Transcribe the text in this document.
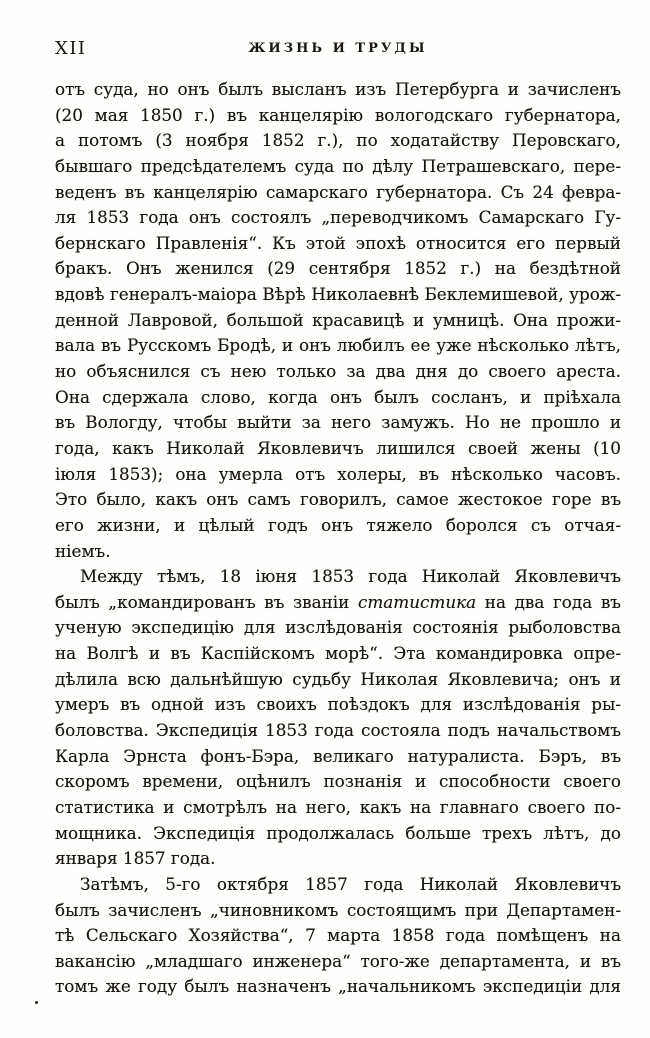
XII	ЖИЗНЬ И ТРУДЫ
отъ суда, но онъ былъ высланъ изъ Петербурга и зачисленъ
(20 мая 1850 г.) въ канцелярію вологодскаго губернатора,
а потомъ (3 ноября 1852 г.), по ходатайству Перовскаго,
бывшаго предсѣдателемъ суда по дѣлу Петрашевскаго, пере-
веденъ въ канцелярію самарскаго губернатора. Съ 24 февра-
ля 1853 года онъ состоялъ „переводчикомъ Самарскаго Гу-
бернскаго Правленія“. Къ этой эпохѣ относится его первый
бракъ. Онъ женился (29 сентября 1852 г.) на бездѣтной
вдовѣ генералъ-маіора Вѣрѣ Николаевнѣ Беклемишевой, урож-
денной Лавровой, большой красавицѣ и умницѣ. Она прожи-
вала въ Русскомъ Бродѣ, и онъ любилъ ее уже нѣсколько лѣтъ,
но объяснился съ нею только за два дня до своего ареста.
Она сдержала слово, когда онъ былъ сосланъ, и пріѣхала
въ Вологду, чтобы выйти за него замужъ. Но не прошло и
года, какъ Николай Яковлевичъ лишился своей жены (10
іюля 1853); она умерла отъ холеры, въ нѣсколько часовъ.
Это было, какъ онъ самъ говорилъ, самое жестокое горе въ
его жизни, и цѣлый годъ онъ тяжело боролся съ отчая-
ніемъ.
Между тѣмъ, 18 іюня 1853 года Николай Яковлевичъ
былъ „командированъ въ званіи статистика на два года въ
ученую экспедицію для изслѣдованія состоянія рыболовства
на Волгѣ и въ Каспійскомъ морѣ“. Эта командировка опре-
дѣлила всю дальнѣйшую судьбу Николая Яковлевича; онъ и
умеръ въ одной изъ своихъ поѣздокъ для изслѣдованія ры-
боловства. Экспедиція 1853 года состояла подъ начальствомъ
Карла Эрнста фонъ-Бэра, великаго натуралиста. Бэръ, въ
скоромъ времени, оцѣнилъ познанія и способности своего
статистика и смотрѣлъ на него, какъ на главнаго своего по-
мощника. Экспедиція продолжалась больше трехъ лѣтъ, до
января 1857 года.
Затѣмъ, 5-го октября 1857 года Николай Яковлевичъ
былъ зачисленъ „чиновникомъ состоящимъ при Департамен-
тѣ Сельскаго Хозяйства“, 7 марта 1858 года помѣщенъ на
вакансію „младшаго инженера“ того-же департамента, и въ
томъ же году былъ назначенъ „начальникомъ экспедиціи для
